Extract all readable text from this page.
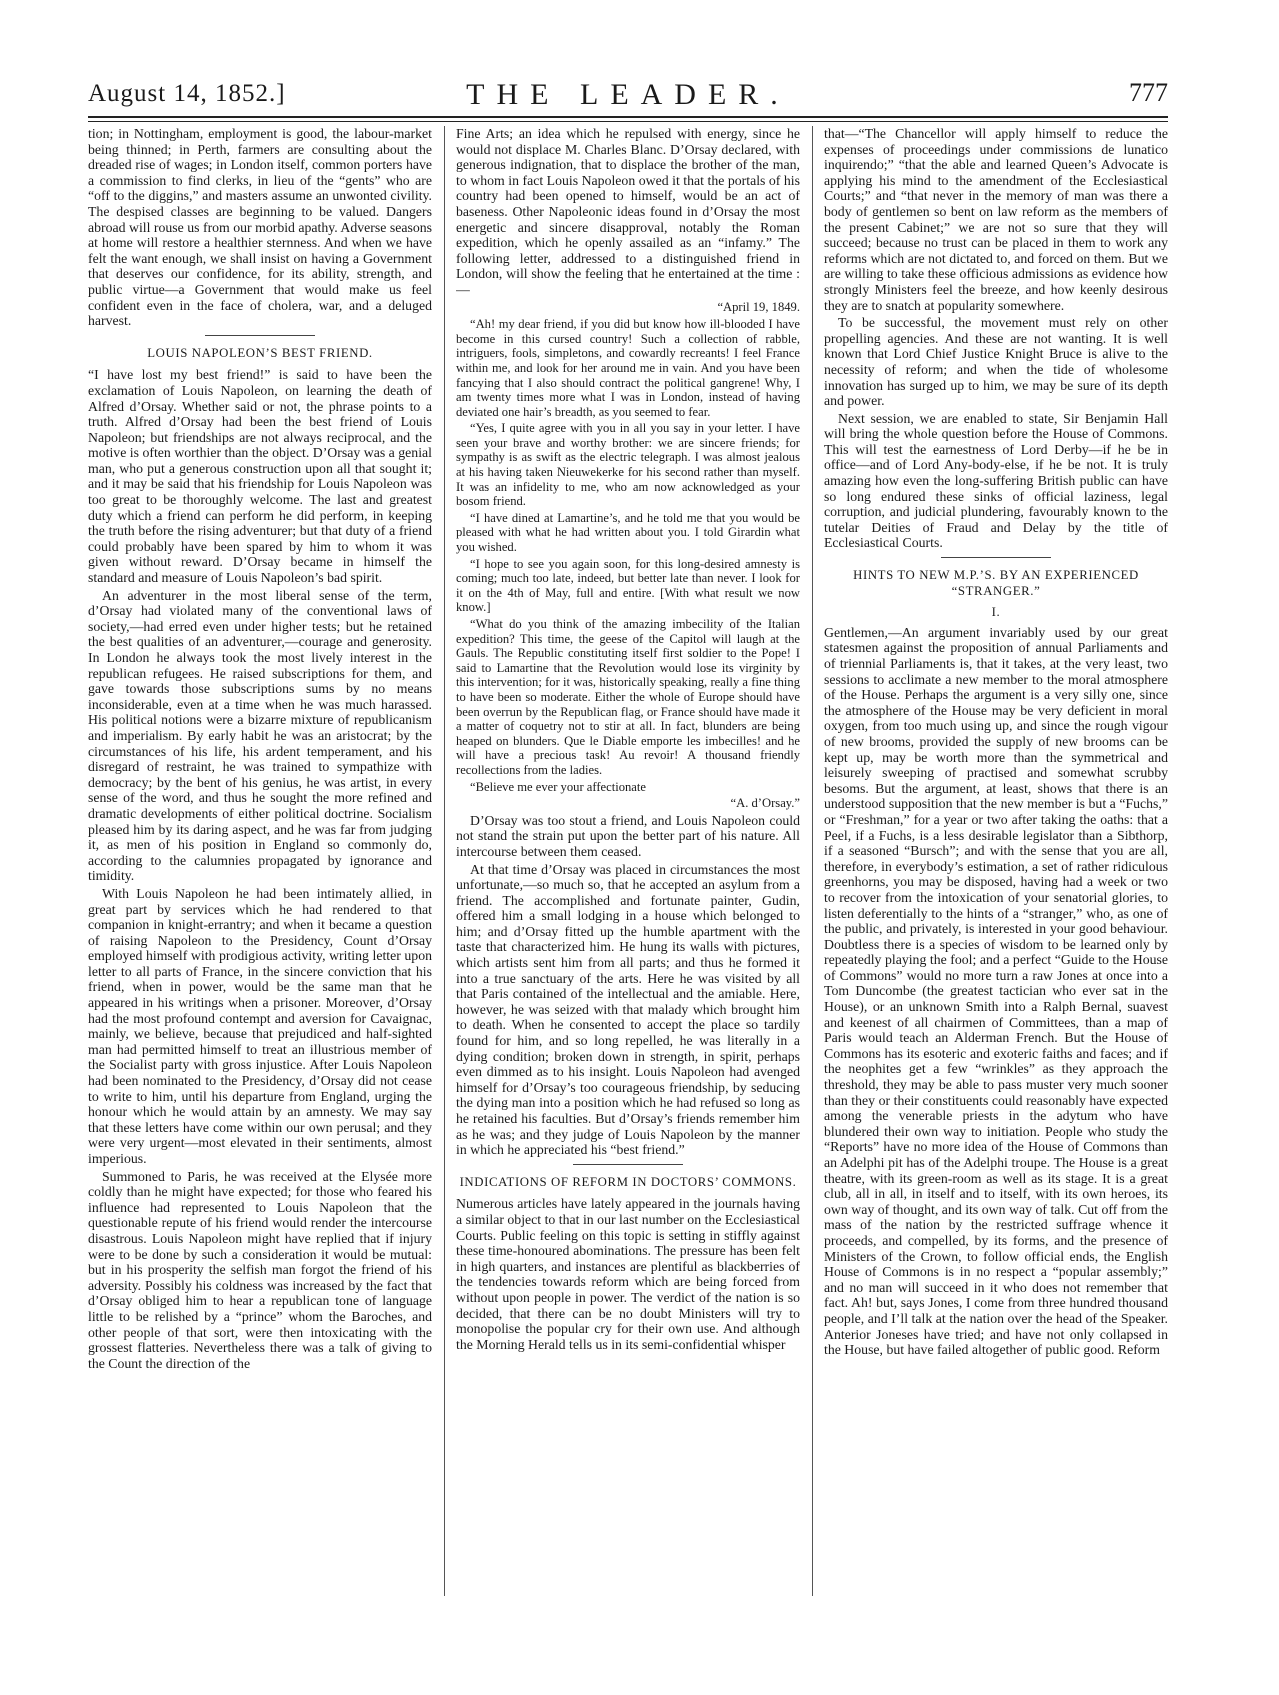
August 14, 1852.]	THE LEADER.	777

tion; in Nottingham, employment is good, the labour-market being thinned; in Perth, farmers are consulting about the dreaded rise of wages; in London itself, common porters have a commission to find clerks, in lieu of the “gents” who are “off to the diggins,” and masters assume an unwonted civility. The despised classes are beginning to be valued. Dangers abroad will rouse us from our morbid apathy. Adverse seasons at home will restore a healthier sternness. And when we have felt the want enough, we shall insist on having a Government that deserves our confidence, for its ability, strength, and public virtue—a Government that would make us feel confident even in the face of cholera, war, and a deluged harvest.

LOUIS NAPOLEON’S BEST FRIEND.

“I have lost my best friend!” is said to have been the exclamation of Louis Napoleon, on learning the death of Alfred d’Orsay. Whether said or not, the phrase points to a truth. Alfred d’Orsay had been the best friend of Louis Napoleon; but friendships are not always reciprocal, and the motive is often worthier than the object. D’Orsay was a genial man, who put a generous construction upon all that sought it; and it may be said that his friendship for Louis Napoleon was too great to be thoroughly welcome. The last and greatest duty which a friend can perform he did perform, in keeping the truth before the rising adventurer; but that duty of a friend could probably have been spared by him to whom it was given without reward. D’Orsay became in himself the standard and measure of Louis Napoleon’s bad spirit.

An adventurer in the most liberal sense of the term, d’Orsay had violated many of the conventional laws of society,—had erred even under higher tests; but he retained the best qualities of an adventurer,—courage and generosity. In London he always took the most lively interest in the republican refugees. He raised subscriptions for them, and gave towards those subscriptions sums by no means inconsiderable, even at a time when he was much harassed. His political notions were a bizarre mixture of republicanism and imperialism. By early habit he was an aristocrat; by the circumstances of his life, his ardent temperament, and his disregard of restraint, he was trained to sympathize with democracy; by the bent of his genius, he was artist, in every sense of the word, and thus he sought the more refined and dramatic developments of either political doctrine. Socialism pleased him by its daring aspect, and he was far from judging it, as men of his position in England so commonly do, according to the calumnies propagated by ignorance and timidity.

With Louis Napoleon he had been intimately allied, in great part by services which he had rendered to that companion in knight-errantry; and when it became a question of raising Napoleon to the Presidency, Count d’Orsay employed himself with prodigious activity, writing letter upon letter to all parts of France, in the sincere conviction that his friend, when in power, would be the same man that he appeared in his writings when a prisoner. Moreover, d’Orsay had the most profound contempt and aversion for Cavaignac, mainly, we believe, because that prejudiced and half-sighted man had permitted himself to treat an illustrious member of the Socialist party with gross injustice. After Louis Napoleon had been nominated to the Presidency, d’Orsay did not cease to write to him, until his departure from England, urging the honour which he would attain by an amnesty. We may say that these letters have come within our own perusal; and they were very urgent—most elevated in their sentiments, almost imperious.

Summoned to Paris, he was received at the Elysée more coldly than he might have expected; for those who feared his influence had represented to Louis Napoleon that the questionable repute of his friend would render the intercourse disastrous. Louis Napoleon might have replied that if injury were to be done by such a consideration it would be mutual: but in his prosperity the selfish man forgot the friend of his adversity. Possibly his coldness was increased by the fact that d’Orsay obliged him to hear a republican tone of language little to be relished by a “prince” whom the Baroches, and other people of that sort, were then intoxicating with the grossest flatteries. Nevertheless there was a talk of giving to the Count the direction of the

Fine Arts; an idea which he repulsed with energy, since he would not displace M. Charles Blanc. D’Orsay declared, with generous indignation, that to displace the brother of the man, to whom in fact Louis Napoleon owed it that the portals of his country had been opened to himself, would be an act of baseness. Other Napoleonic ideas found in d’Orsay the most energetic and sincere disapproval, notably the Roman expedition, which he openly assailed as an “infamy.” The following letter, addressed to a distinguished friend in London, will show the feeling that he entertained at the time :—

“April 19, 1849.

“Ah! my dear friend, if you did but know how ill-blooded I have become in this cursed country! Such a collection of rabble, intriguers, fools, simpletons, and cowardly recreants! I feel France within me, and look for her around me in vain. And you have been fancying that I also should contract the political gangrene! Why, I am twenty times more what I was in London, instead of having deviated one hair’s breadth, as you seemed to fear.

“Yes, I quite agree with you in all you say in your letter. I have seen your brave and worthy brother: we are sincere friends; for sympathy is as swift as the electric telegraph. I was almost jealous at his having taken Nieuwekerke for his second rather than myself. It was an infidelity to me, who am now acknowledged as your bosom friend.

“I have dined at Lamartine’s, and he told me that you would be pleased with what he had written about you. I told Girardin what you wished.

“I hope to see you again soon, for this long-desired amnesty is coming; much too late, indeed, but better late than never. I look for it on the 4th of May, full and entire. [With what result we now know.]

“What do you think of the amazing imbecility of the Italian expedition? This time, the geese of the Capitol will laugh at the Gauls. The Republic constituting itself first soldier to the Pope! I said to Lamartine that the Revolution would lose its virginity by this intervention; for it was, historically speaking, really a fine thing to have been so moderate. Either the whole of Europe should have been overrun by the Republican flag, or France should have made it a matter of coquetry not to stir at all. In fact, blunders are being heaped on blunders. Que le Diable emporte les imbecilles! and he will have a precious task! Au revoir! A thousand friendly recollections from the ladies.

“Believe me ever your affectionate

“A. d’Orsay.”

D’Orsay was too stout a friend, and Louis Napoleon could not stand the strain put upon the better part of his nature. All intercourse between them ceased.

At that time d’Orsay was placed in circumstances the most unfortunate,—so much so, that he accepted an asylum from a friend. The accomplished and fortunate painter, Gudin, offered him a small lodging in a house which belonged to him; and d’Orsay fitted up the humble apartment with the taste that characterized him. He hung its walls with pictures, which artists sent him from all parts; and thus he formed it into a true sanctuary of the arts. Here he was visited by all that Paris contained of the intellectual and the amiable. Here, however, he was seized with that malady which brought him to death. When he consented to accept the place so tardily found for him, and so long repelled, he was literally in a dying condition; broken down in strength, in spirit, perhaps even dimmed as to his insight. Louis Napoleon had avenged himself for d’Orsay’s too courageous friendship, by seducing the dying man into a position which he had refused so long as he retained his faculties. But d’Orsay’s friends remember him as he was; and they judge of Louis Napoleon by the manner in which he appreciated his “best friend.”

INDICATIONS OF REFORM IN DOCTORS’ COMMONS.

Numerous articles have lately appeared in the journals having a similar object to that in our last number on the Ecclesiastical Courts. Public feeling on this topic is setting in stiffly against these time-honoured abominations. The pressure has been felt in high quarters, and instances are plentiful as blackberries of the tendencies towards reform which are being forced from without upon people in power. The verdict of the nation is so decided, that there can be no doubt Ministers will try to monopolise the popular cry for their own use. And although the Morning Herald tells us in its semi-confidential whisper

that—“The Chancellor will apply himself to reduce the expenses of proceedings under commissions de lunatico inquirendo;” “that the able and learned Queen’s Advocate is applying his mind to the amendment of the Ecclesiastical Courts;” and “that never in the memory of man was there a body of gentlemen so bent on law reform as the members of the present Cabinet;” we are not so sure that they will succeed; because no trust can be placed in them to work any reforms which are not dictated to, and forced on them. But we are willing to take these officious admissions as evidence how strongly Ministers feel the breeze, and how keenly desirous they are to snatch at popularity somewhere.

To be successful, the movement must rely on other propelling agencies. And these are not wanting. It is well known that Lord Chief Justice Knight Bruce is alive to the necessity of reform; and when the tide of wholesome innovation has surged up to him, we may be sure of its depth and power.

Next session, we are enabled to state, Sir Benjamin Hall will bring the whole question before the House of Commons. This will test the earnestness of Lord Derby—if he be in office—and of Lord Any-body-else, if he be not. It is truly amazing how even the long-suffering British public can have so long endured these sinks of official laziness, legal corruption, and judicial plundering, favourably known to the tutelar Deities of Fraud and Delay by the title of Ecclesiastical Courts.

HINTS TO NEW M.P.’S. BY AN EXPERIENCED “STRANGER.”
I.

Gentlemen,—An argument invariably used by our great statesmen against the proposition of annual Parliaments and of triennial Parliaments is, that it takes, at the very least, two sessions to acclimate a new member to the moral atmosphere of the House. Perhaps the argument is a very silly one, since the atmosphere of the House may be very deficient in moral oxygen, from too much using up, and since the rough vigour of new brooms, provided the supply of new brooms can be kept up, may be worth more than the symmetrical and leisurely sweeping of practised and somewhat scrubby besoms. But the argument, at least, shows that there is an understood supposition that the new member is but a “Fuchs,” or “Freshman,” for a year or two after taking the oaths: that a Peel, if a Fuchs, is a less desirable legislator than a Sibthorp, if a seasoned “Bursch”; and with the sense that you are all, therefore, in everybody’s estimation, a set of rather ridiculous greenhorns, you may be disposed, having had a week or two to recover from the intoxication of your senatorial glories, to listen deferentially to the hints of a “stranger,” who, as one of the public, and privately, is interested in your good behaviour. Doubtless there is a species of wisdom to be learned only by repeatedly playing the fool; and a perfect “Guide to the House of Commons” would no more turn a raw Jones at once into a Tom Duncombe (the greatest tactician who ever sat in the House), or an unknown Smith into a Ralph Bernal, suavest and keenest of all chairmen of Committees, than a map of Paris would teach an Alderman French. But the House of Commons has its esoteric and exoteric faiths and faces; and if the neophites get a few “wrinkles” as they approach the threshold, they may be able to pass muster very much sooner than they or their constituents could reasonably have expected among the venerable priests in the adytum who have blundered their own way to initiation. People who study the “Reports” have no more idea of the House of Commons than an Adelphi pit has of the Adelphi troupe. The House is a great theatre, with its green-room as well as its stage. It is a great club, all in all, in itself and to itself, with its own heroes, its own way of thought, and its own way of talk. Cut off from the mass of the nation by the restricted suffrage whence it proceeds, and compelled, by its forms, and the presence of Ministers of the Crown, to follow official ends, the English House of Commons is in no respect a “popular assembly;” and no man will succeed in it who does not remember that fact. Ah! but, says Jones, I come from three hundred thousand people, and I’ll talk at the nation over the head of the Speaker. Anterior Joneses have tried; and have not only collapsed in the House, but have failed altogether of public good. Reform
